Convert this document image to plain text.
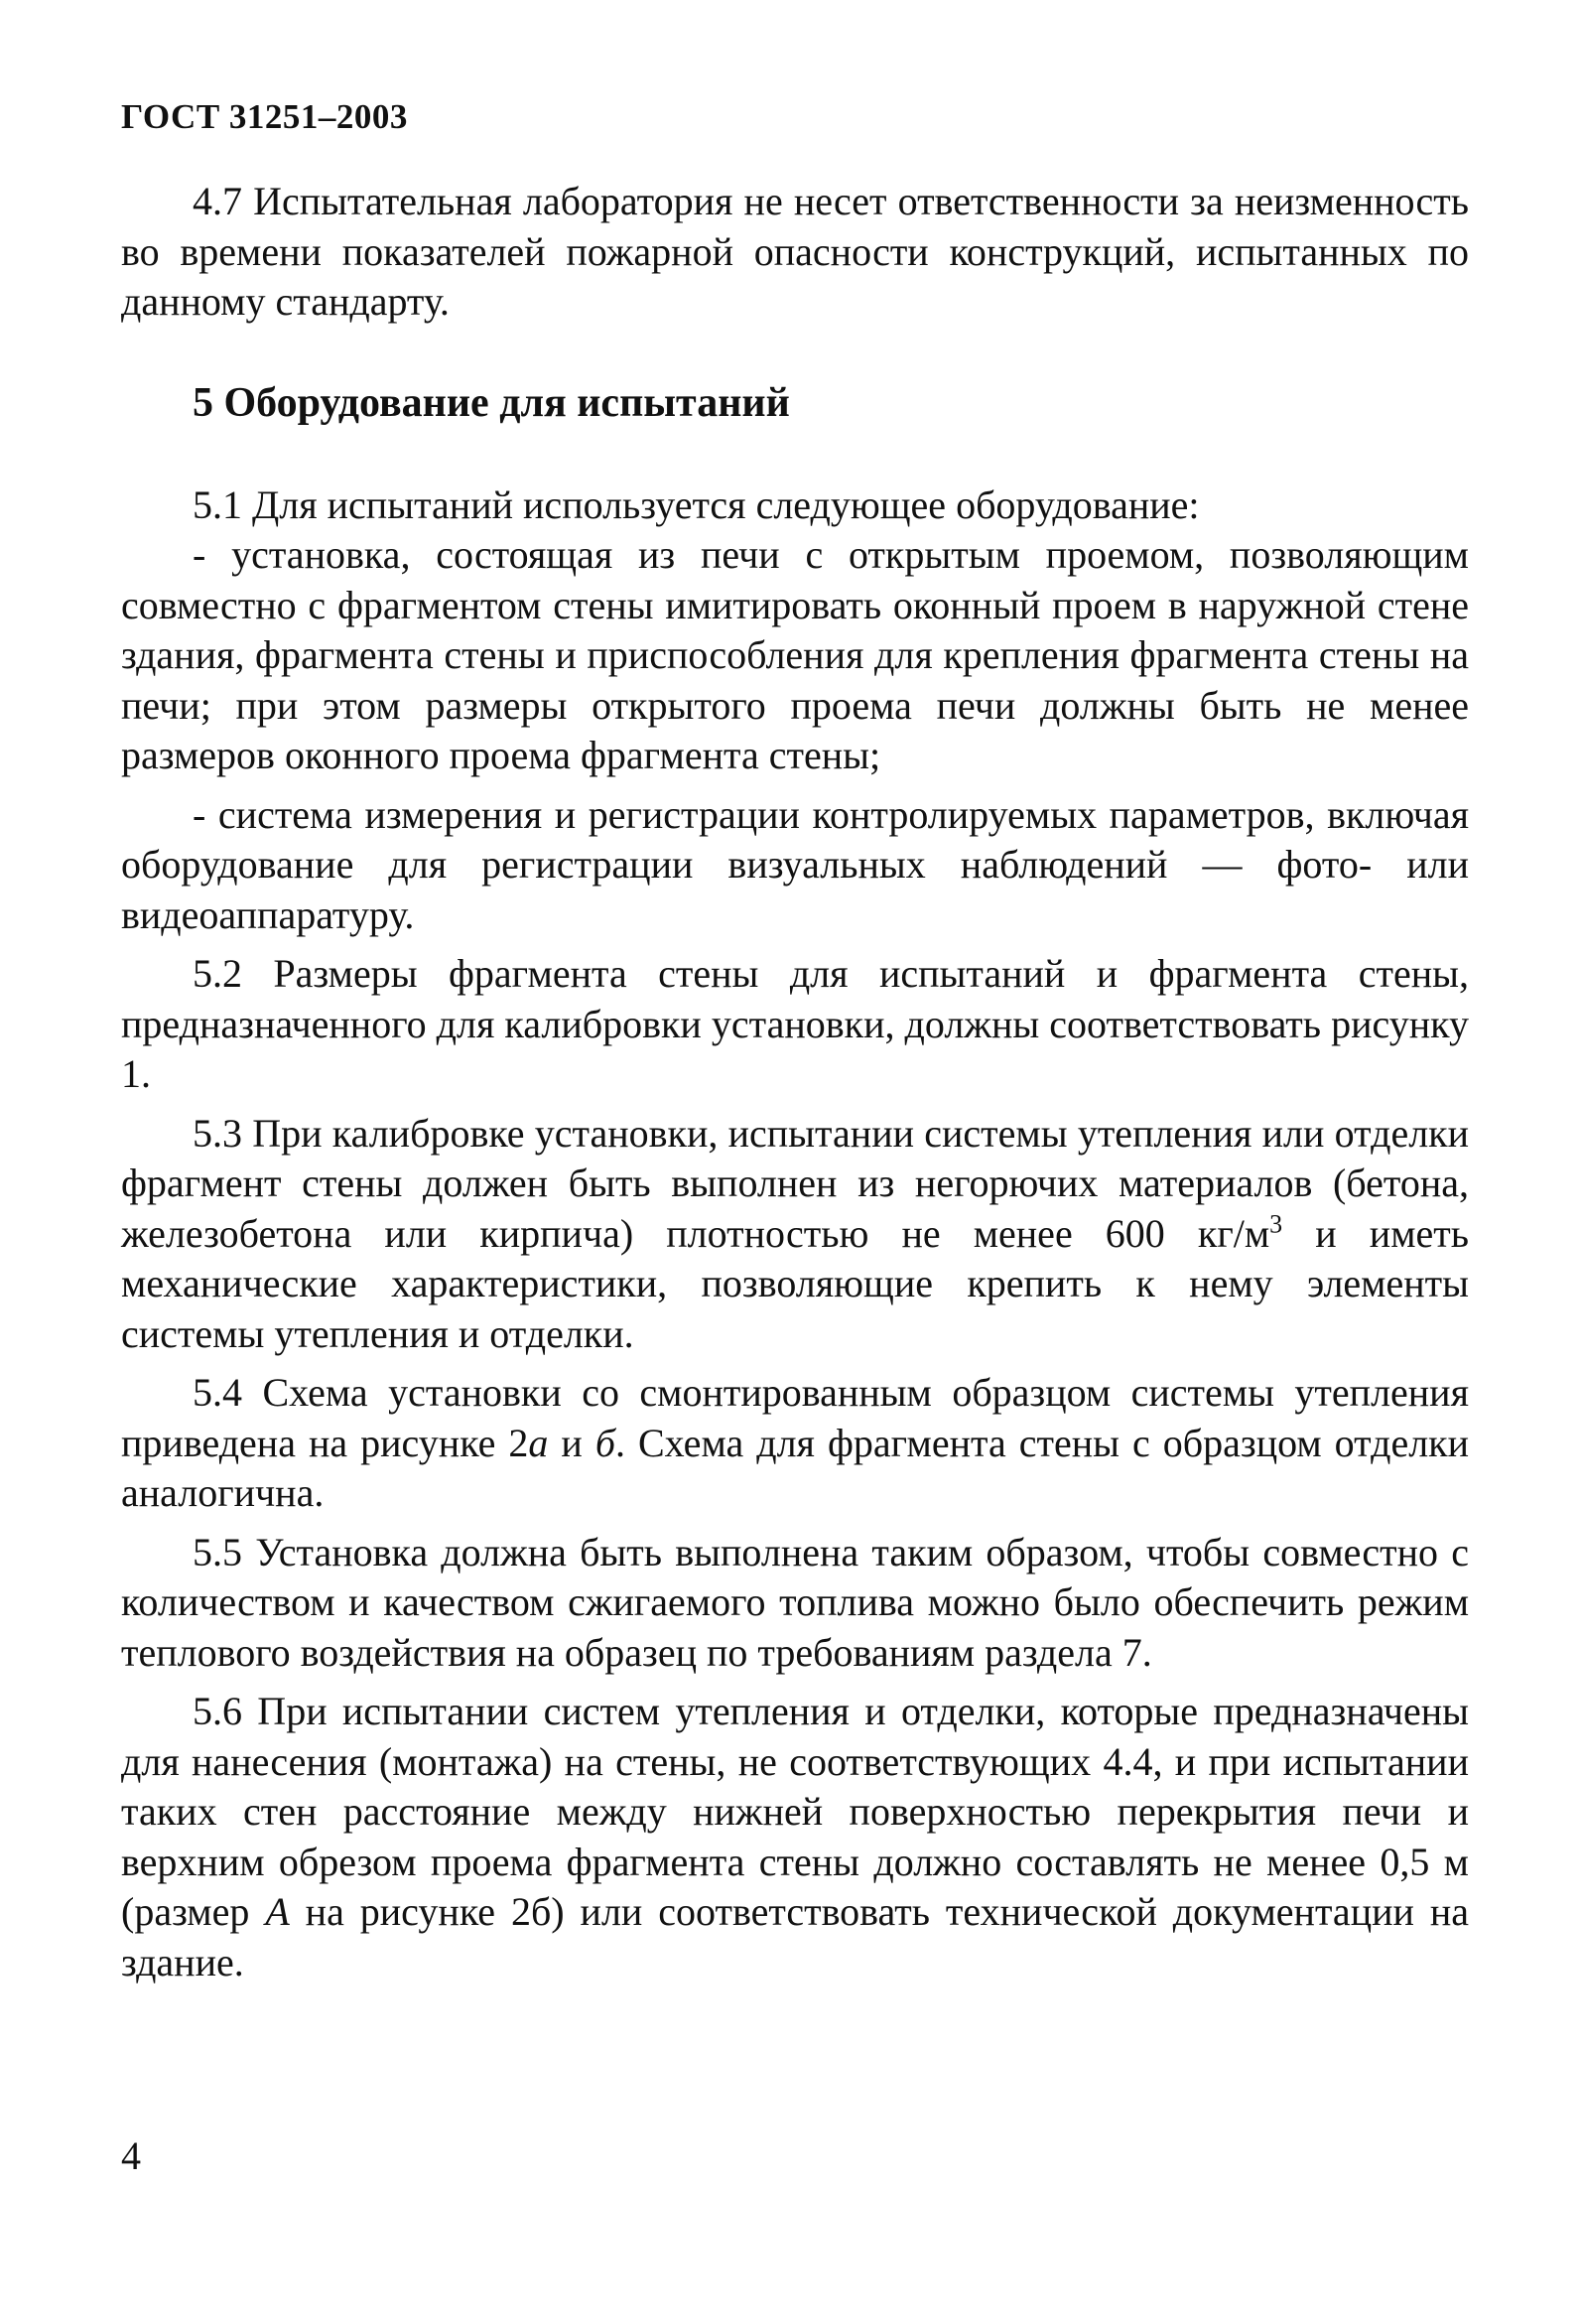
ГОСТ 31251–2003

4.7 Испытательная лаборатория не несет ответственности за неизменность во времени показателей пожарной опасности конструкций, испытанных по данному стандарту.

5 Оборудование для испытаний

5.1 Для испытаний используется следующее оборудование:

- установка, состоящая из печи с открытым проемом, позволяющим совместно с фрагментом стены имитировать оконный проем в наружной стене здания, фрагмента стены и приспособления для крепления фрагмента стены на печи; при этом размеры открытого проема печи должны быть не менее размеров оконного проема фрагмента стены;

- система измерения и регистрации контролируемых параметров, включая оборудование для регистрации визуальных наблюдений — фото- или видеоаппаратуру.

5.2 Размеры фрагмента стены для испытаний и фрагмента стены, предназначенного для калибровки установки, должны соответствовать рисунку 1.

5.3 При калибровке установки, испытании системы утепления или отделки фрагмент стены должен быть выполнен из негорючих материалов (бетона, железобетона или кирпича) плотностью не менее 600 $кг/м^3$ и иметь механические характеристики, позволяющие крепить к нему элементы системы утепления и отделки.

5.4 Схема установки со смонтированным образцом системы утепления приведена на рисунке 2а и б. Схема для фрагмента стены с образцом отделки аналогична.

5.5 Установка должна быть выполнена таким образом, чтобы совместно с количеством и качеством сжигаемого топлива можно было обеспечить режим теплового воздействия на образец по требованиям раздела 7.

5.6 При испытании систем утепления и отделки, которые предназначены для нанесения (монтажа) на стены, не соответствующих 4.4, и при испытании таких стен расстояние между нижней поверхностью перекрытия печи и верхним обрезом проема фрагмента стены должно составлять не менее 0,5 м (размер А на рисунке 2б) или соответствовать технической документации на здание.

4
